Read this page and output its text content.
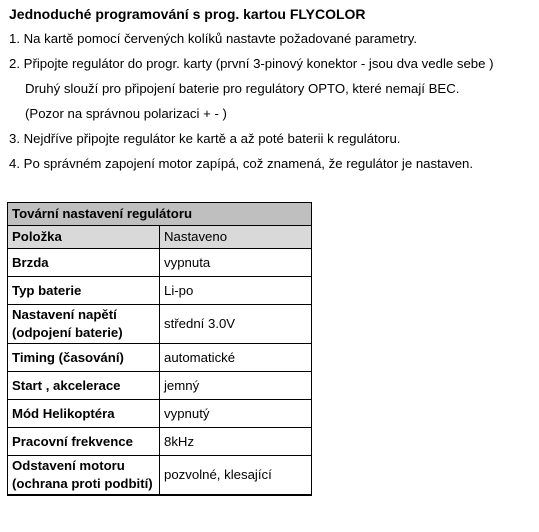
Jednoduché programování s prog. kartou FLYCOLOR
1. Na kartě pomocí červených kolíků nastavte požadované parametry.
2. Připojte regulátor do progr. karty (první 3-pinový konektor - jsou dva vedle sebe )
Druhý slouží pro připojení baterie pro regulátory OPTO, které nemají BEC.
(Pozor na správnou polarizaci + - )
3. Nejdříve připojte regulátor ke kartě a až poté baterii k regulátoru.
4. Po správném zapojení motor zapípá, což znamená, že regulátor je nastaven.
Tovární nastavení regulátoru	
Položka	Nastaveno
Brzda	vypnuta
Typ baterie	Li-po

Nastavení napětí
(odpojení baterie)	střední 3.0V
Timing (časování)	automatické
Start , akcelerace	jemný
Mód Helikoptéra	vypnutý
Pracovní frekvence	8kHz

Odstavení motoru
(ochrana proti podbití)	pozvolné, klesající
